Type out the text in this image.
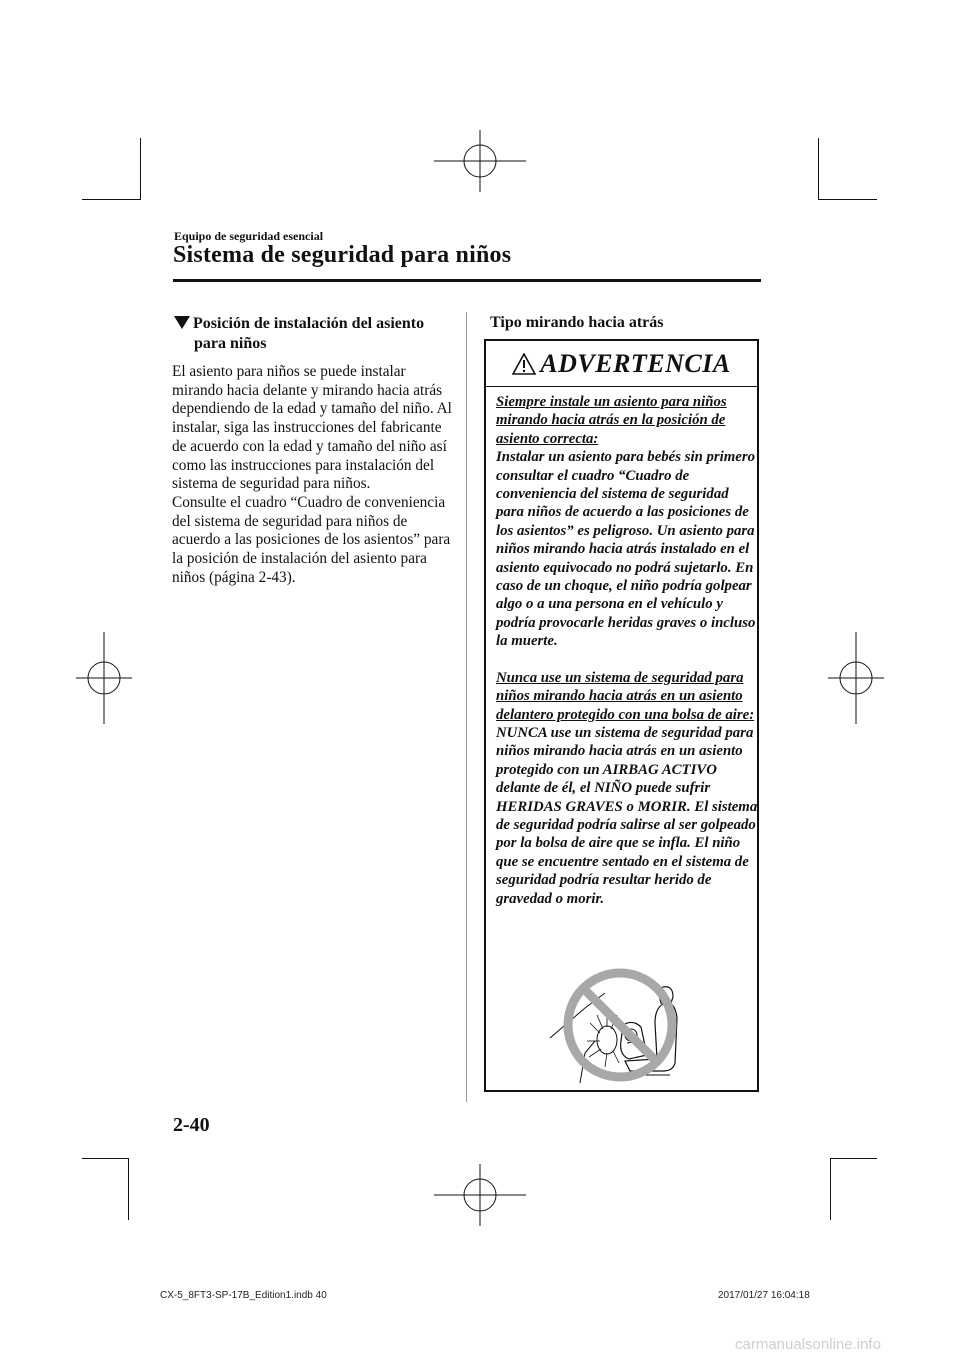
Equipo de seguridad esencial
Sistema de seguridad para niños
Posición de instalación del asiento
para niños

El asiento para niños se puede instalar mirando hacia delante y mirando hacia atrás dependiendo de la edad y tamaño del niño. Al instalar, siga las instrucciones del fabricante de acuerdo con la edad y tamaño del niño así como las instrucciones para instalación del sistema de seguridad para niños.

Consulte el cuadro “Cuadro de conveniencia del sistema de seguridad para niños de acuerdo a las posiciones de los asientos” para la posición de instalación del asiento para niños (página 2-43).

Tipo mirando hacia atrás
ADVERTENCIA

Siempre instale un asiento para niños mirando hacia atrás en la posición de asiento correcta:

Instalar un asiento para bebés sin primero consultar el cuadro “Cuadro de conveniencia del sistema de seguridad para niños de acuerdo a las posiciones de los asientos” es peligroso. Un asiento para niños mirando hacia atrás instalado en el asiento equivocado no podrá sujetarlo. En caso de un choque, el niño podría golpear algo o a una persona en el vehículo y podría provocarle heridas graves o incluso la muerte.

Nunca use un sistema de seguridad para niños mirando hacia atrás en un asiento delantero protegido con una bolsa de aire:

NUNCA use un sistema de seguridad para niños mirando hacia atrás en un asiento protegido con un AIRBAG ACTIVO delante de él, el NIÑO puede sufrir HERIDAS GRAVES o MORIR. El sistema de seguridad podría salirse al ser golpeado por la bolsa de aire que se infla. El niño que se encuentre sentado en el sistema de seguridad podría resultar herido de gravedad o morir.

2-40
CX-5_8FT3-SP-17B_Edition1.indb 40	2017/01/27 16:04:18
carmanualsonline.info
